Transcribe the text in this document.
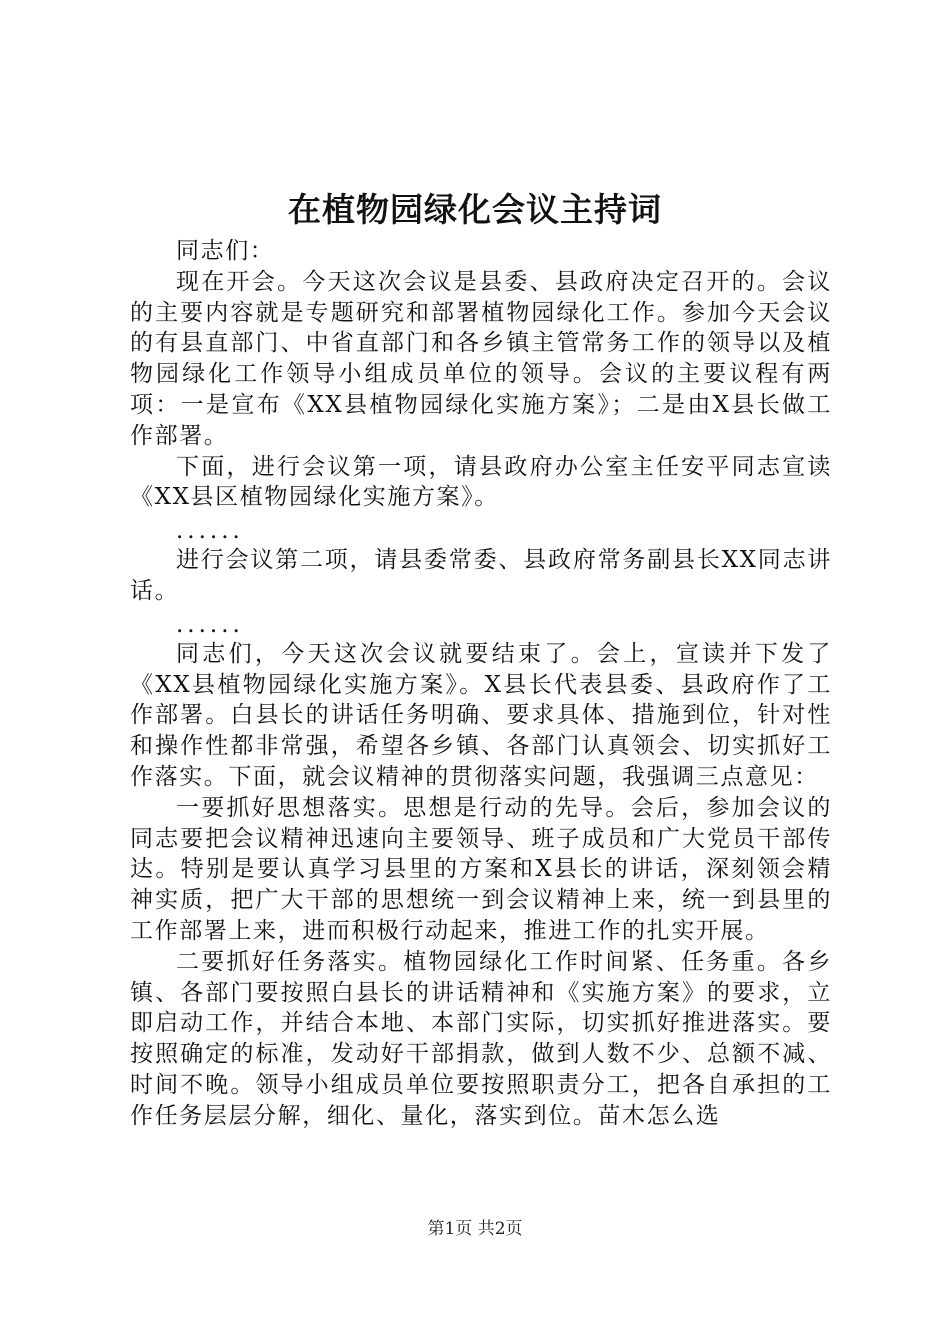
在植物园绿化会议主持词

同志们：

现在开会。今天这次会议是县委、县政府决定召开的。会议的主要内容就是专题研究和部署植物园绿化工作。参加今天会议的有县直部门、中省直部门和各乡镇主管常务工作的领导以及植物园绿化工作领导小组成员单位的领导。会议的主要议程有两项：一是宣布《XX县植物园绿化实施方案》；二是由X县长做工作部署。

下面，进行会议第一项，请县政府办公室主任安平同志宣读《XX县区植物园绿化实施方案》。

......

进行会议第二项，请县委常委、县政府常务副县长XX同志讲话。

......

同志们，今天这次会议就要结束了。会上，宣读并下发了《XX县植物园绿化实施方案》。X县长代表县委、县政府作了工作部署。白县长的讲话任务明确、要求具体、措施到位，针对性和操作性都非常强，希望各乡镇、各部门认真领会、切实抓好工作落实。下面，就会议精神的贯彻落实问题，我强调三点意见：

一要抓好思想落实。思想是行动的先导。会后，参加会议的同志要把会议精神迅速向主要领导、班子成员和广大党员干部传达。特别是要认真学习县里的方案和X县长的讲话，深刻领会精神实质，把广大干部的思想统一到会议精神上来，统一到县里的工作部署上来，进而积极行动起来，推进工作的扎实开展。

二要抓好任务落实。植物园绿化工作时间紧、任务重。各乡镇、各部门要按照白县长的讲话精神和《实施方案》的要求，立即启动工作，并结合本地、本部门实际，切实抓好推进落实。要按照确定的标准，发动好干部捐款，做到人数不少、总额不减、时间不晚。领导小组成员单位要按照职责分工，把各自承担的工作任务层层分解，细化、量化，落实到位。苗木怎么选

第1页 共2页
